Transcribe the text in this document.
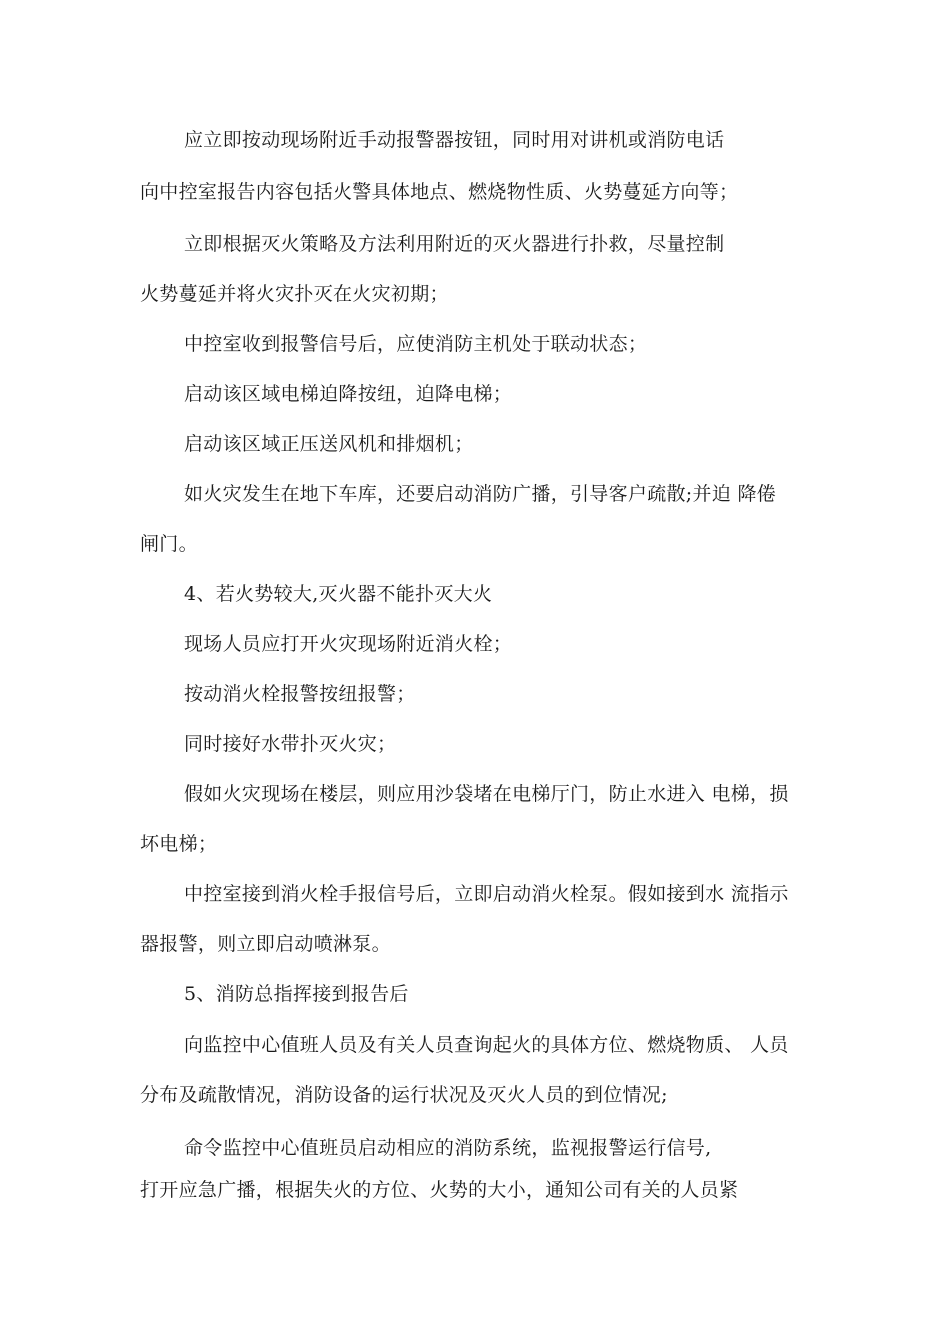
应立即按动现场附近手动报警器按钮，同时用对讲机或消防电话
向中控室报告内容包括火警具体地点、燃烧物性质、火势蔓延方向等；
立即根据灭火策略及方法利用附近的灭火器进行扑救，尽量控制
火势蔓延并将火灾扑灭在火灾初期；
中控室收到报警信号后，应使消防主机处于联动状态；
启动该区域电梯迫降按纽，迫降电梯；
启动该区域正压送风机和排烟机；
如火灾发生在地下车库，还要启动消防广播，引导客户疏散;并迫 降倦
闸门。
4、若火势较大,灭火器不能扑灭大火
现场人员应打开火灾现场附近消火栓；
按动消火栓报警按纽报警；
同时接好水带扑灭火灾；
假如火灾现场在楼层，则应用沙袋堵在电梯厅门，防止水进入 电梯，损
坏电梯；
中控室接到消火栓手报信号后，立即启动消火栓泵。假如接到水 流指示
器报警，则立即启动喷淋泵。
5、消防总指挥接到报告后
向监控中心值班人员及有关人员查询起火的具体方位、燃烧物质、 人员
分布及疏散情况，消防设备的运行状况及灭火人员的到位情况;
命令监控中心值班员启动相应的消防系统，监视报警运行信号,
打开应急广播，根据失火的方位、火势的大小，通知公司有关的人员紧
